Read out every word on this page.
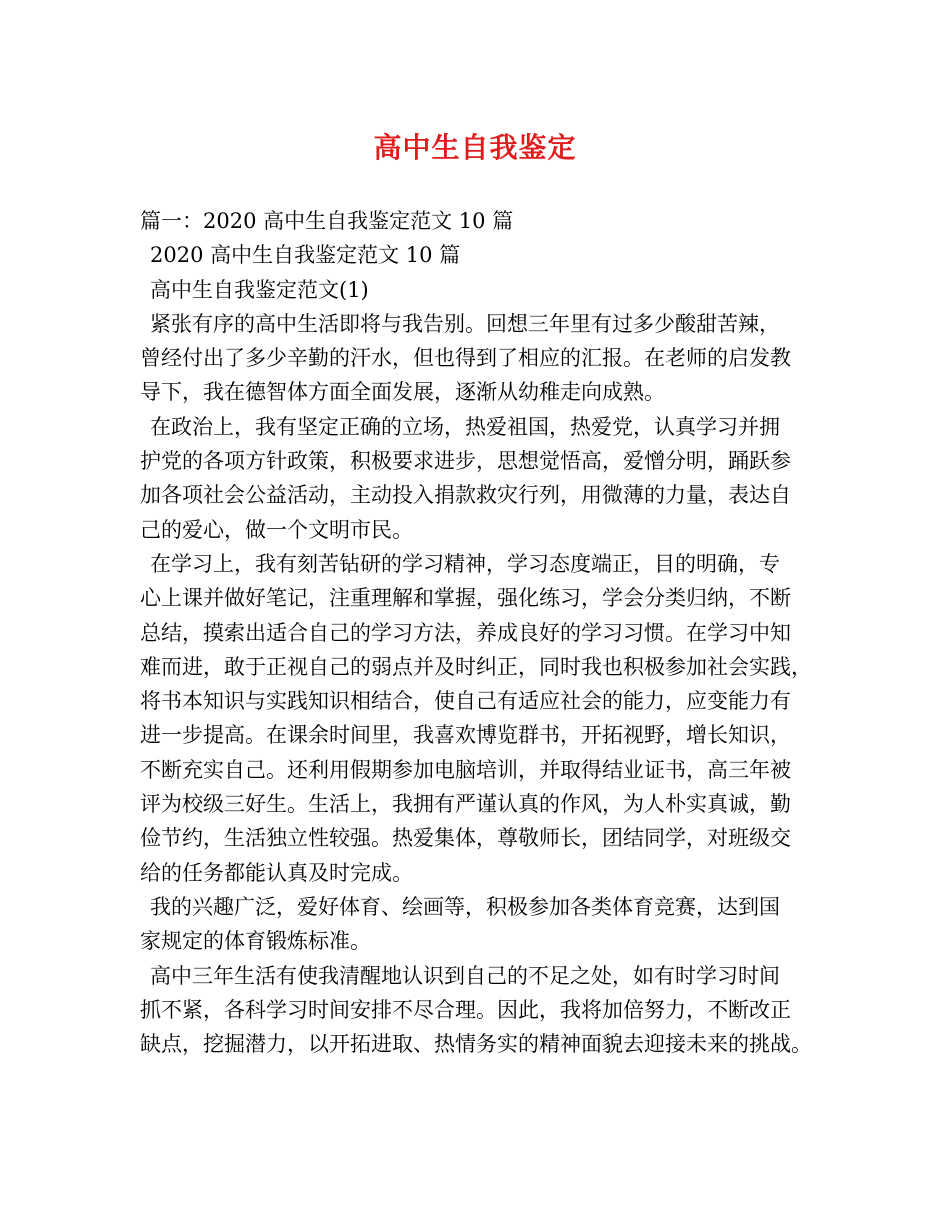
高中生自我鉴定
篇一：2020 高中生自我鉴定范文 10 篇
2020 高中生自我鉴定范文 10 篇
高中生自我鉴定范文(1)
紧张有序的高中生活即将与我告别。回想三年里有过多少酸甜苦辣，
曾经付出了多少辛勤的汗水，但也得到了相应的汇报。在老师的启发教
导下，我在德智体方面全面发展，逐渐从幼稚走向成熟。
在政治上，我有坚定正确的立场，热爱祖国，热爱党，认真学习并拥
护党的各项方针政策，积极要求进步，思想觉悟高，爱憎分明，踊跃参
加各项社会公益活动，主动投入捐款救灾行列，用微薄的力量，表达自
己的爱心，做一个文明市民。
在学习上，我有刻苦钻研的学习精神，学习态度端正，目的明确，专
心上课并做好笔记，注重理解和掌握，强化练习，学会分类归纳，不断
总结，摸索出适合自己的学习方法，养成良好的学习习惯。在学习中知
难而进，敢于正视自己的弱点并及时纠正，同时我也积极参加社会实践，
将书本知识与实践知识相结合，使自己有适应社会的能力，应变能力有
进一步提高。在课余时间里，我喜欢博览群书，开拓视野，增长知识，
不断充实自己。还利用假期参加电脑培训，并取得结业证书，高三年被
评为校级三好生。生活上，我拥有严谨认真的作风，为人朴实真诚，勤
俭节约，生活独立性较强。热爱集体，尊敬师长，团结同学，对班级交
给的任务都能认真及时完成。
我的兴趣广泛，爱好体育、绘画等，积极参加各类体育竞赛，达到国
家规定的体育锻炼标准。
高中三年生活有使我清醒地认识到自己的不足之处，如有时学习时间
抓不紧，各科学习时间安排不尽合理。因此，我将加倍努力，不断改正
缺点，挖掘潜力，以开拓进取、热情务实的精神面貌去迎接未来的挑战。
